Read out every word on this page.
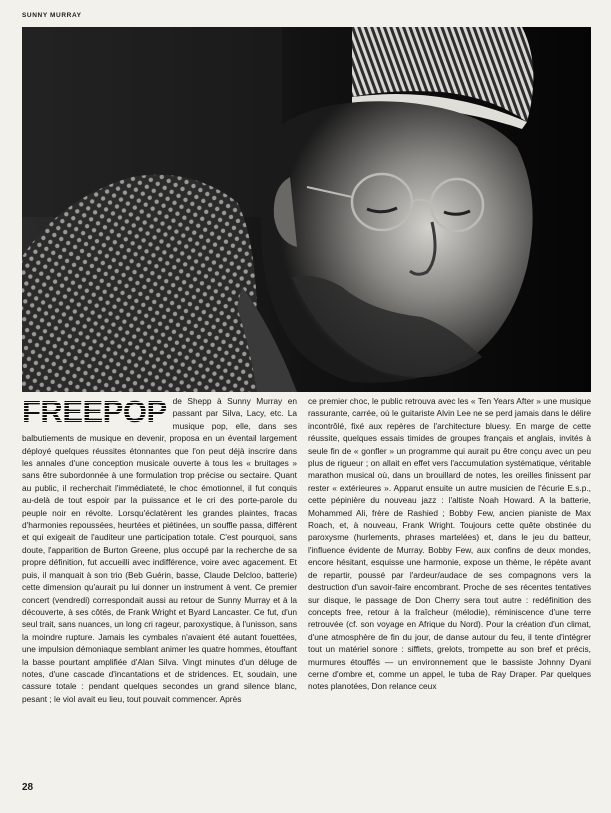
SUNNY MURRAY
FREEPOP de Shepp à Sunny Murray en passant par Silva, Lacy, etc. La musique pop, elle, dans ses balbutiements de musique en devenir, proposa en un éventail largement déployé quelques réussites étonnantes que l'on peut déjà inscrire dans les annales d'une conception musicale ouverte à tous les « bruitages » sans être subordonnée à une formulation trop précise ou sectaire. Quant au public, il recherchait l'immédiateté, le choc émotionnel, il fut conquis au-delà de tout espoir par la puissance et le cri des porte-parole du peuple noir en révolte. Lorsqu'éclatèrent les grandes plaintes, fracas d'harmonies repoussées, heurtées et piétinées, un souffle passa, différent et qui exigeait de l'auditeur une participation totale. C'est pourquoi, sans doute, l'apparition de Burton Greene, plus occupé par la recherche de sa propre définition, fut accueilli avec indifférence, voire avec agacement. Et puis, il manquait à son trio (Beb Guérin, basse, Claude Delcloo, batterie) cette dimension qu'aurait pu lui donner un instrument à vent. Ce premier concert (vendredi) correspondait aussi au retour de Sunny Murray et à la découverte, à ses côtés, de Frank Wright et Byard Lancaster. Ce fut, d'un seul trait, sans nuances, un long cri rageur, paroxystique, à l'unisson, sans la moindre rupture. Jamais les cymbales n'avaient été autant fouettées, une impulsion démoniaque semblant animer les quatre hommes, étouffant la basse pourtant amplifiée d'Alan Silva. Vingt minutes d'un déluge de notes, d'une cascade d'incantations et de stridences. Et, soudain, une cassure totale : pendant quelques secondes un grand silence blanc, pesant ; le viol avait eu lieu, tout pouvait commencer. Après

ce premier choc, le public retrouva avec les « Ten Years After » une musique rassurante, carrée, où le guitariste Alvin Lee ne se perd jamais dans le délire incontrôlé, fixé aux repères de l'architecture bluesy. En marge de cette réussite, quelques essais timides de groupes français et anglais, invités à seule fin de « gonfler » un programme qui aurait pu être conçu avec un peu plus de rigueur ; on allait en effet vers l'accumulation systématique, véritable marathon musical où, dans un brouillard de notes, les oreilles finissent par rester « extérieures ». Apparut ensuite un autre musicien de l'écurie E.s.p., cette pépinière du nouveau jazz : l'altiste Noah Howard. A la batterie, Mohammed Ali, frère de Rashied ; Bobby Few, ancien pianiste de Max Roach, et, à nouveau, Frank Wright. Toujours cette quête obstinée du paroxysme (hurlements, phrases martelées) et, dans le jeu du batteur, l'influence évidente de Murray. Bobby Few, aux confins de deux mondes, encore hésitant, esquisse une harmonie, expose un thème, le répète avant de repartir, poussé par l'ardeur/audace de ses compagnons vers la destruction d'un savoir-faire encombrant. Proche de ses récentes tentatives sur disque, le passage de Don Cherry sera tout autre : redéfinition des concepts free, retour à la fraîcheur (mélodie), réminiscence d'une terre retrouvée (cf. son voyage en Afrique du Nord). Pour la création d'un climat, d'une atmosphère de fin du jour, de danse autour du feu, il tente d'intégrer tout un matériel sonore : sifflets, grelots, trompette au son bref et précis, murmures étouffés — un environnement que le bassiste Johnny Dyani cerne d'ombre et, comme un appel, le tuba de Ray Draper. Par quelques notes planotées, Don relance ceux

28
